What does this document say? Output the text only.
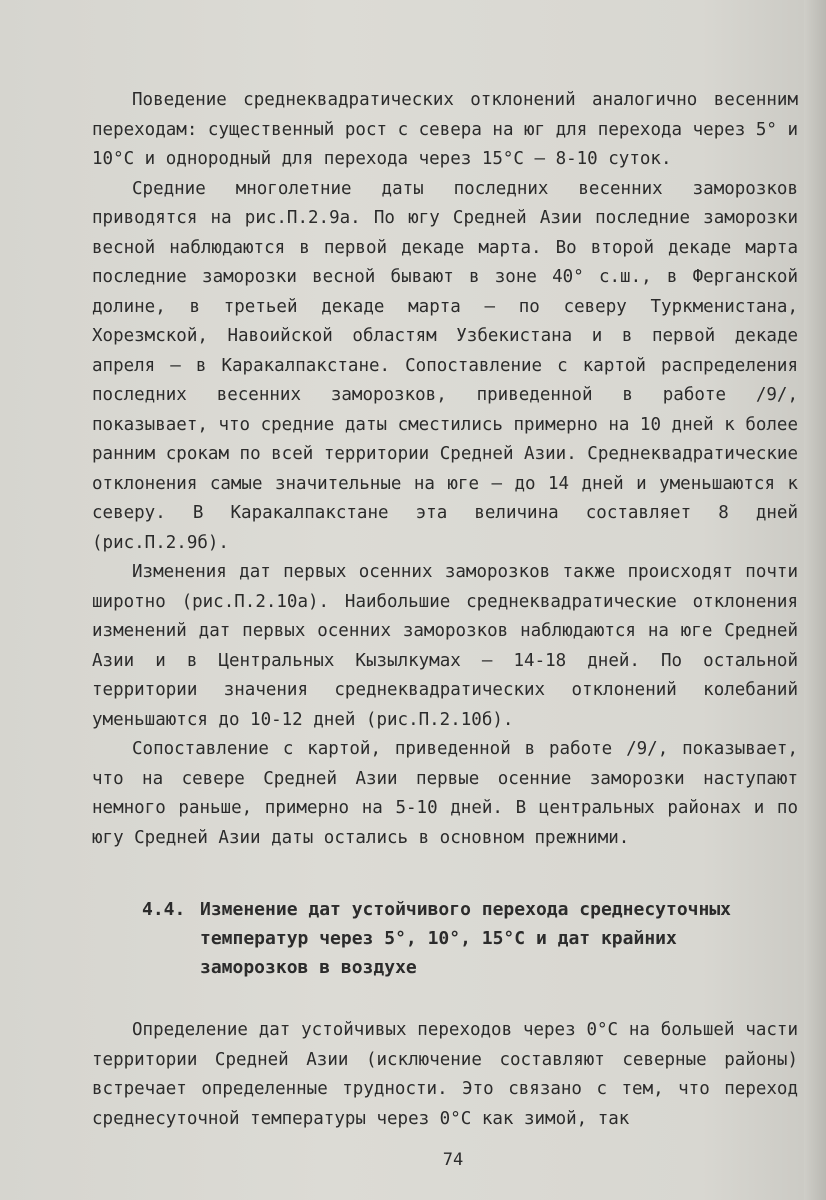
Поведение среднеквадратических отклонений аналогично весенним переходам: существенный рост с севера на юг для перехода через 5° и 10°С и однородный для перехода через 15°С – 8-10 суток.

Средние многолетние даты последних весенних заморозков приводятся на рис.П.2.9а. По югу Средней Азии последние заморозки весной наблюдаются в первой декаде марта. Во второй декаде марта последние заморозки весной бывают в зоне 40° с.ш., в Ферганской долине, в третьей декаде марта – по северу Туркменистана, Хорезмской, Навоийской областям Узбекистана и в первой декаде апреля – в Каракалпакстане. Сопоставление с картой распределения последних весенних заморозков, приведенной в работе /9/, показывает, что средние даты сместились примерно на 10 дней к более ранним срокам по всей территории Средней Азии. Среднеквадратические отклонения самые значительные на юге – до 14 дней и уменьшаются к северу. В Каракалпакстане эта величина составляет 8 дней (рис.П.2.9б).

Изменения дат первых осенних заморозков также происходят почти широтно (рис.П.2.10а). Наибольшие среднеквадратические отклонения изменений дат первых осенних заморозков наблюдаются на юге Средней Азии и в Центральных Кызылкумах – 14-18 дней. По остальной территории значения среднеквадратических отклонений колебаний уменьшаются до 10-12 дней (рис.П.2.10б).

Сопоставление с картой, приведенной в работе /9/, показывает, что на севере Средней Азии первые осенние заморозки наступают немного раньше, примерно на 5-10 дней. В центральных районах и по югу Средней Азии даты остались в основном прежними.

4.4. Изменение дат устойчивого перехода среднесуточных
температур через 5°, 10°, 15°С и дат крайних
заморозков в воздухе

Определение дат устойчивых переходов через 0°С на большей части территории Средней Азии (исключение составляют северные районы) встречает определенные трудности. Это связано с тем, что переход среднесуточной температуры через 0°С как зимой, так

74
